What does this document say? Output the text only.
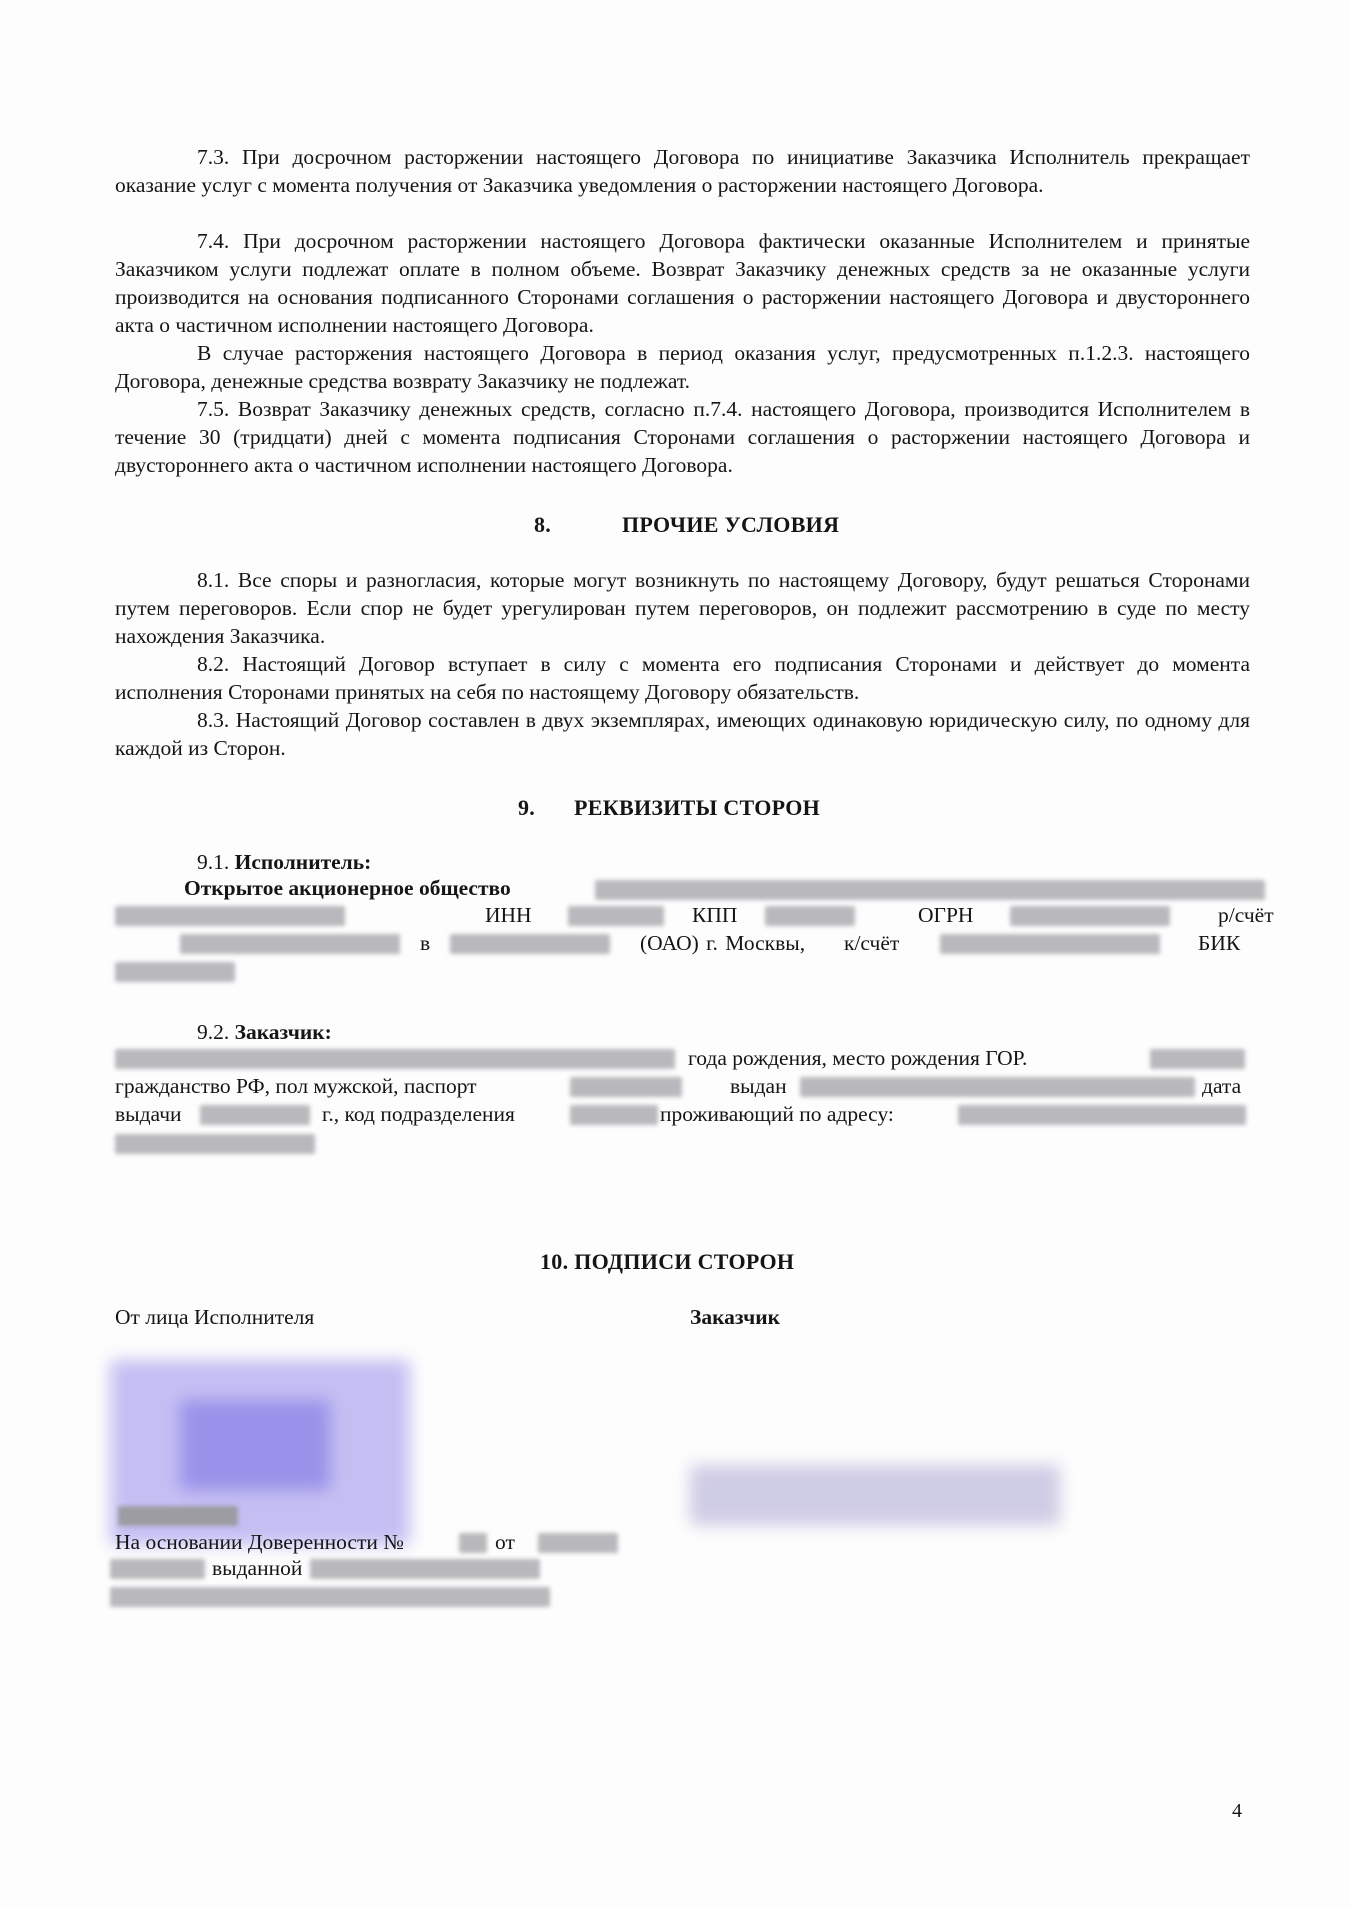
7.3. При досрочном расторжении настоящего Договора по инициативе Заказчика Исполнитель прекращает оказание услуг с момента получения от Заказчика уведомления о расторжении настоящего Договора.
7.4. При досрочном расторжении настоящего Договора фактически оказанные Исполнителем и принятые Заказчиком услуги подлежат оплате в полном объеме. Возврат Заказчику денежных средств за не оказанные услуги производится на основания подписанного Сторонами соглашения о расторжении настоящего Договора и двустороннего акта о частичном исполнении настоящего Договора.
В случае расторжения настоящего Договора в период оказания услуг, предусмотренных п.1.2.3. настоящего Договора, денежные средства возврату Заказчику не подлежат.
7.5. Возврат Заказчику денежных средств, согласно п.7.4. настоящего Договора, производится Исполнителем в течение 30 (тридцати) дней с момента подписания Сторонами соглашения о расторжении настоящего Договора и двустороннего акта о частичном исполнении настоящего Договора.
8.	ПРОЧИЕ УСЛОВИЯ
8.1. Все споры и разногласия, которые могут возникнуть по настоящему Договору, будут решаться Сторонами путем переговоров. Если спор не будет урегулирован путем переговоров, он подлежит рассмотрению в суде по месту нахождения Заказчика.
8.2. Настоящий Договор вступает в силу с момента его подписания Сторонами и действует до момента исполнения Сторонами принятых на себя по настоящему Договору обязательств.
8.3. Настоящий Договор составлен в двух экземплярах, имеющих одинаковую юридическую силу, по одному для каждой из Сторон.
9. РЕКВИЗИТЫ СТОРОН
9.1. Исполнитель:
Открытое акционерное общество
ИНН	КПП	ОГРН	р/счёт
в	(ОАО) г. Москвы, к/счёт	БИК
9.2. Заказчик:
года рождения, место рождения ГОР.
гражданство РФ, пол мужской, паспорт	выдан	дата
выдачи	г., код подразделения	проживающий по адресу:
10. ПОДПИСИ СТОРОН
От лица Исполнителя	Заказчик
На основании Доверенности №	от
выданной
4
